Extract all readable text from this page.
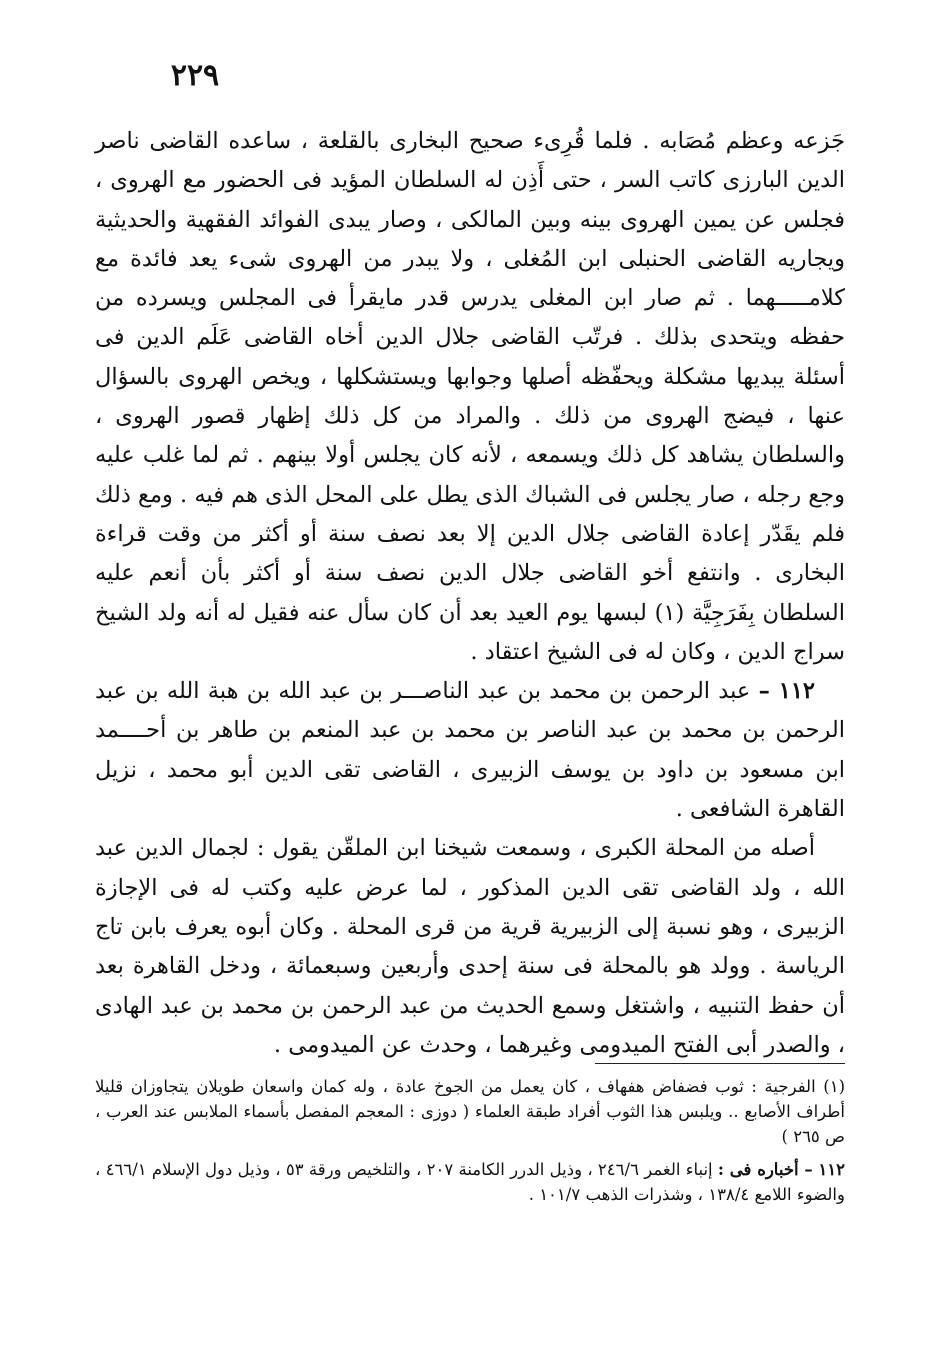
٢٢٩

جَزعه وعظم مُصَابه . فلما قُرِىء صحيح البخارى بالقلعة ، ساعده القاضى ناصر الدين البارزى كاتب السر ، حتى أَذِن له السلطان المؤيد فى الحضور مع الهروى ، فجلس عن يمين الهروى بينه وبين المالكى ، وصار يبدى الفوائد الفقهية والحديثية ويجاريه القاضى الحنبلى ابن المُغلى ، ولا يبدر من الهروى شىء يعد فائدة مع كلامـــــهما . ثم صار ابن المغلى يدرس قدر مايقرأ فى المجلس ويسرده من حفظه ويتحدى بذلك . فرتّب القاضى جلال الدين أخاه القاضى عَلَم الدين فى أسئلة يبديها مشكلة ويحفّظه أصلها وجوابها ويستشكلها ، ويخص الهروى بالسؤال عنها ، فيضج الهروى من ذلك . والمراد من كل ذلك إظهار قصور الهروى ، والسلطان يشاهد كل ذلك ويسمعه ، لأنه كان يجلس أولا بينهم . ثم لما غلب عليه وجع رجله ، صار يجلس فى الشباك الذى يطل على المحل الذى هم فيه . ومع ذلك فلم يقَدّر إعادة القاضى جلال الدين إلا بعد نصف سنة أو أكثر من وقت قراءة البخارى . وانتفع أخو القاضى جلال الدين نصف سنة أو أكثر بأن أنعم عليه السلطان بِفَرَجِيَّة (١) لبسها يوم العيد بعد أن كان سأل عنه فقيل له أنه ولد الشيخ سراج الدين ، وكان له فى الشيخ اعتقاد .

١١٢ – عبد الرحمن بن محمد بن عبد الناصـــر بن عبد الله بن هبة الله بن عبد الرحمن بن محمد بن عبد الناصر بن محمد بن عبد المنعم بن طاهر بن أحــــمد ابن مسعود بن داود بن يوسف الزبيرى ، القاضى تقى الدين أبو محمد ، نزيل القاهرة الشافعى .

أصله من المحلة الكبرى ، وسمعت شيخنا ابن الملقّن يقول : لجمال الدين عبد الله ، ولد القاضى تقى الدين المذكور ، لما عرض عليه وكتب له فى الإجازة الزبيرى ، وهو نسبة إلى الزبيرية قرية من قرى المحلة . وكان أبوه يعرف بابن تاج الرياسة . وولد هو بالمحلة فى سنة إحدى وأربعين وسبعمائة ، ودخل القاهرة بعد أن حفظ التنبيه ، واشتغل وسمع الحديث من عبد الرحمن بن محمد بن عبد الهادى ، والصدر أبى الفتح الميدومى وغيرهما ، وحدث عن الميدومى .

(١) الفرجية : ثوب فضفاض هفهاف ، كان يعمل من الجوخ عادة ، وله كمان واسعان طويلان يتجاوزان قليلا أطراف الأصابع .. ويلبس هذا الثوب أفراد طبقة العلماء ( دوزى : المعجم المفصل بأسماء الملابس عند العرب ، ص ٢٦٥ )

١١٢ – أخباره فى : إنباء الغمر ٢٤٦/٦ ، وذيل الدرر الكامنة ٢٠٧ ، والتلخيص ورقة ٥٣ ، وذيل دول الإسلام ٤٦٦/١ ، والضوء اللامع ١٣٨/٤ ، وشذرات الذهب ١٠١/٧ .
